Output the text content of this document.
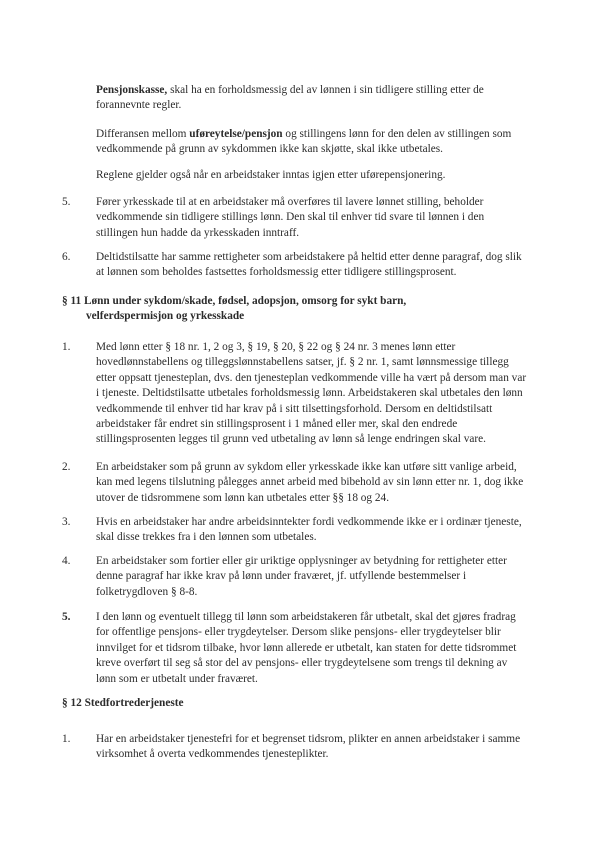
Pensjonskasse, skal ha en forholdsmessig del av lønnen i sin tidligere stilling etter de forannevnte regler.

Differansen mellom uføreytelse/pensjon og stillingens lønn for den delen av stillingen som vedkommende på grunn av sykdommen ikke kan skjøtte, skal ikke utbetales.

Reglene gjelder også når en arbeidstaker inntas igjen etter uførepensjonering.

5.	Fører yrkesskade til at en arbeidstaker må overføres til lavere lønnet stilling, beholder vedkommende sin tidligere stillings lønn. Den skal til enhver tid svare til lønnen i den stillingen hun hadde da yrkesskaden inntraff.
6.	Deltidstilsatte har samme rettigheter som arbeidstakere på heltid etter denne paragraf, dog slik at lønnen som beholdes fastsettes forholdsmessig etter tidligere stillingsprosent.
§ 11 Lønn under sykdom/skade, fødsel, adopsjon, omsorg for sykt barn,
velferdspermisjon og yrkesskade
1.	Med lønn etter § 18 nr. 1, 2 og 3, § 19, § 20, § 22 og § 24 nr. 3 menes lønn etter hovedlønnstabellens og tilleggslønnstabellens satser, jf. § 2 nr. 1, samt lønnsmessige tillegg etter oppsatt tjenesteplan, dvs. den tjenesteplan vedkommende ville ha vært på dersom man var i tjeneste. Deltidstilsatte utbetales forholdsmessig lønn. Arbeidstakeren skal utbetales den lønn vedkommende til enhver tid har krav på i sitt tilsettingsforhold. Dersom en deltidstilsatt arbeidstaker får endret sin stillingsprosent i 1 måned eller mer, skal den endrede stillingsprosenten legges til grunn ved utbetaling av lønn så lenge endringen skal vare.
2.	En arbeidstaker som på grunn av sykdom eller yrkesskade ikke kan utføre sitt vanlige arbeid, kan med legens tilslutning pålegges annet arbeid med bibehold av sin lønn etter nr. 1, dog ikke utover de tidsrommene som lønn kan utbetales etter §§ 18 og 24.
3.	Hvis en arbeidstaker har andre arbeidsinntekter fordi vedkommende ikke er i ordinær tjeneste, skal disse trekkes fra i den lønnen som utbetales.
4.	En arbeidstaker som fortier eller gir uriktige opplysninger av betydning for rettigheter etter denne paragraf har ikke krav på lønn under fraværet, jf. utfyllende bestemmelser i folketrygdloven § 8-8.
5.	I den lønn og eventuelt tillegg til lønn som arbeidstakeren får utbetalt, skal det gjøres fradrag for offentlige pensjons- eller trygdeytelser. Dersom slike pensjons- eller trygdeytelser blir innvilget for et tidsrom tilbake, hvor lønn allerede er utbetalt, kan staten for dette tidsrommet kreve overført til seg så stor del av pensjons- eller trygdeytelsene som trengs til dekning av lønn som er utbetalt under fraværet.
§ 12 Stedfortrederjeneste
1.	Har en arbeidstaker tjenestefri for et begrenset tidsrom, plikter en annen arbeidstaker i samme virksomhet å overta vedkommendes tjenesteplikter.
